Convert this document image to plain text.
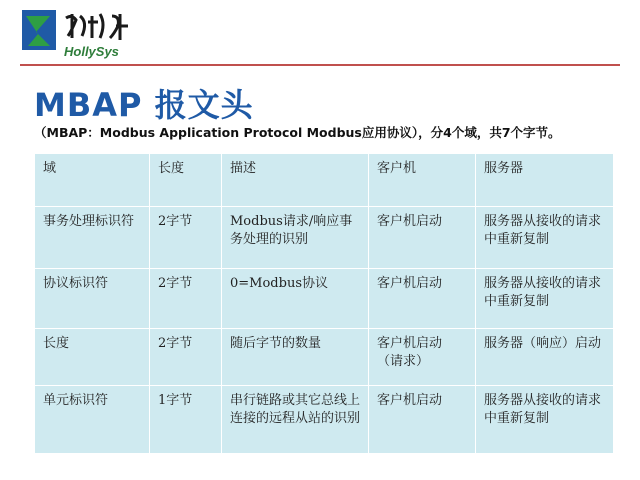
HollySys
MBAP 报文头
（MBAP：Modbus Application Protocol Modbus应用协议），分4个域，共7个字节。
域	长度	描述	客户机	服务器
事务处理标识符	2字节	Modbus请求/响应事务处理的识别	客户机启动	服务器从接收的请求中重新复制
协议标识符	2字节	0=Modbus协议	客户机启动	服务器从接收的请求中重新复制
长度	2字节	随后字节的数量	客户机启动（请求）	服务器（响应）启动
单元标识符	1字节	串行链路或其它总线上连接的远程从站的识别	客户机启动	服务器从接收的请求中重新复制
